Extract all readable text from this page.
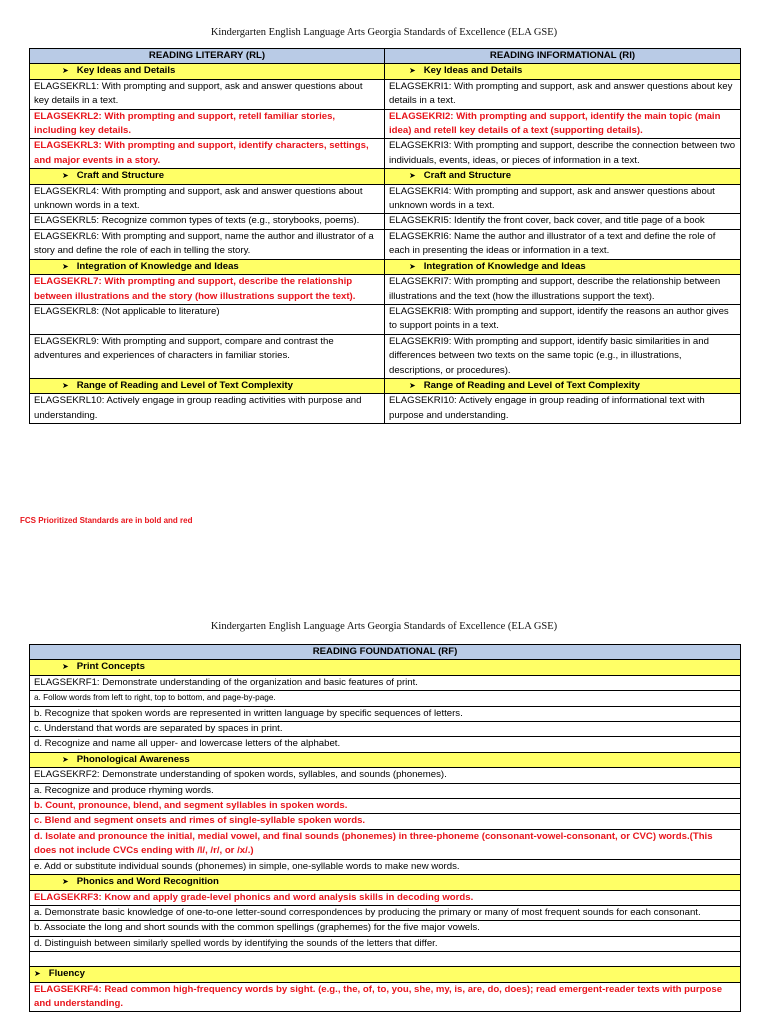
Kindergarten English Language Arts Georgia Standards of Excellence (ELA GSE)
READING LITERARY (RL)	READING INFORMATIONAL (RI)
➤ Key Ideas and Details	➤ Key Ideas and Details
ELAGSEKRL1: With prompting and support, ask and answer questions about key details in a text.	ELAGSEKRI1: With prompting and support, ask and answer questions about key details in a text.
ELAGSEKRL2: With prompting and support, retell familiar stories, including key details.	ELAGSEKRI2: With prompting and support, identify the main topic (main idea) and retell key details of a text (supporting details).
ELAGSEKRL3: With prompting and support, identify characters, settings, and major events in a story.	ELAGSEKRI3: With prompting and support, describe the connection between two individuals, events, ideas, or pieces of information in a text.
➤ Craft and Structure	➤ Craft and Structure
ELAGSEKRL4: With prompting and support, ask and answer questions about unknown words in a text.	ELAGSEKRI4: With prompting and support, ask and answer questions about unknown words in a text.
ELAGSEKRL5: Recognize common types of texts (e.g., storybooks, poems).	ELAGSEKRI5: Identify the front cover, back cover, and title page of a book
ELAGSEKRL6: With prompting and support, name the author and illustrator of a story and define the role of each in telling the story.	ELAGSEKRI6: Name the author and illustrator of a text and define the role of each in presenting the ideas or information in a text.
➤ Integration of Knowledge and Ideas	➤ Integration of Knowledge and Ideas
ELAGSEKRL7: With prompting and support, describe the relationship between illustrations and the story (how illustrations support the text).	ELAGSEKRI7: With prompting and support, describe the relationship between illustrations and the text (how the illustrations support the text).
ELAGSEKRL8: (Not applicable to literature)	ELAGSEKRI8: With prompting and support, identify the reasons an author gives to support points in a text.
ELAGSEKRL9: With prompting and support, compare and contrast the adventures and experiences of characters in familiar stories.	ELAGSEKRI9: With prompting and support, identify basic similarities in and differences between two texts on the same topic (e.g., in illustrations, descriptions, or procedures).
➤ Range of Reading and Level of Text Complexity	➤ Range of Reading and Level of Text Complexity
ELAGSEKRL10: Actively engage in group reading activities with purpose and understanding.	ELAGSEKRI10: Actively engage in group reading of informational text with purpose and understanding.
FCS Prioritized Standards are in bold and red
Kindergarten English Language Arts Georgia Standards of Excellence (ELA GSE)
READING FOUNDATIONAL (RF)
➤ Print Concepts
ELAGSEKRF1: Demonstrate understanding of the organization and basic features of print.
a. Follow words from left to right, top to bottom, and page-by-page.
b. Recognize that spoken words are represented in written language by specific sequences of letters.
c. Understand that words are separated by spaces in print.
d. Recognize and name all upper- and lowercase letters of the alphabet.
➤ Phonological Awareness
ELAGSEKRF2: Demonstrate understanding of spoken words, syllables, and sounds (phonemes).
a. Recognize and produce rhyming words.
b. Count, pronounce, blend, and segment syllables in spoken words.
c. Blend and segment onsets and rimes of single-syllable spoken words.
d. Isolate and pronounce the initial, medial vowel, and final sounds (phonemes) in three-phoneme (consonant-vowel-consonant, or CVC) words.(This does not include CVCs ending with /l/, /r/, or /x/.)
e. Add or substitute individual sounds (phonemes) in simple, one-syllable words to make new words.
➤ Phonics and Word Recognition
ELAGSEKRF3: Know and apply grade-level phonics and word analysis skills in decoding words.
a. Demonstrate basic knowledge of one-to-one letter-sound correspondences by producing the primary or many of most frequent sounds for each consonant.
b. Associate the long and short sounds with the common spellings (graphemes) for the five major vowels.
d. Distinguish between similarly spelled words by identifying the sounds of the letters that differ.

➤ Fluency
ELAGSEKRF4: Read common high-frequency words by sight. (e.g., the, of, to, you, she, my, is, are, do, does); read emergent-reader texts with purpose and understanding.
